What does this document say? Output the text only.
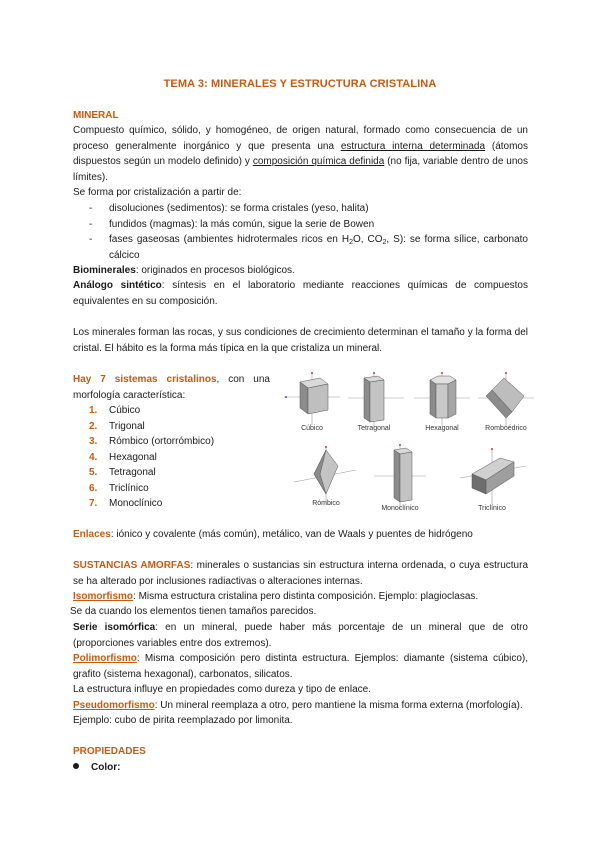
TEMA 3: MINERALES Y ESTRUCTURA CRISTALINA
MINERAL
Compuesto químico, sólido, y homogéneo, de origen natural, formado como consecuencia de un proceso generalmente inorgánico y que presenta una estructura interna determinada (átomos dispuestos según un modelo definido) y composición química definida (no fija, variable dentro de unos límites).
Se forma por cristalización a partir de:
-	disoluciones (sedimentos): se forma cristales (yeso, halita)
-	fundidos (magmas): la más común, sigue la serie de Bowen
-	fases gaseosas (ambientes hidrotermales ricos en $H_2O$, $CO_2$, S): se forma sílice, carbonato cálcico
Biominerales: originados en procesos biológicos.
Análogo sintético: síntesis en el laboratorio mediante reacciones químicas de compuestos equivalentes en su composición.
Los minerales forman las rocas, y sus condiciones de crecimiento determinan el tamaño y la forma del cristal. El hábito es la forma más típica en la que cristaliza un mineral.
Hay 7 sistemas cristalinos, con una morfología característica:
1.	Cúbico
2.	Trigonal
3.	Rómbico (ortorrómbico)
4.	Hexagonal
5.	Tetragonal
6.	Triclínico
7.	Monoclínico
Cúbico	Tetragonal	Hexagonal	Romboédrico
Rómbico
Monoclínico	Triclínico
Enlaces: iónico y covalente (más común), metálico, van de Waals y puentes de hidrógeno
SUSTANCIAS AMORFAS: minerales o sustancias sin estructura interna ordenada, o cuya estructura se ha alterado por inclusiones radiactivas o alteraciones internas.
Isomorfismo: Misma estructura cristalina pero distinta composición. Ejemplo: plagioclasas.
Se da cuando los elementos tienen tamaños parecidos.
Serie isomórfica: en un mineral, puede haber más porcentaje de un mineral que de otro (proporciones variables entre dos extremos).
Polimorfismo: Misma composición pero distinta estructura. Ejemplos: diamante (sistema cúbico), grafito (sistema hexagonal), carbonatos, silicatos.
La estructura influye en propiedades como dureza y tipo de enlace.
Pseudomorfismo: Un mineral reemplaza a otro, pero mantiene la misma forma externa (morfología).
Ejemplo: cubo de pirita reemplazado por limonita.
PROPIEDADES
Color:
